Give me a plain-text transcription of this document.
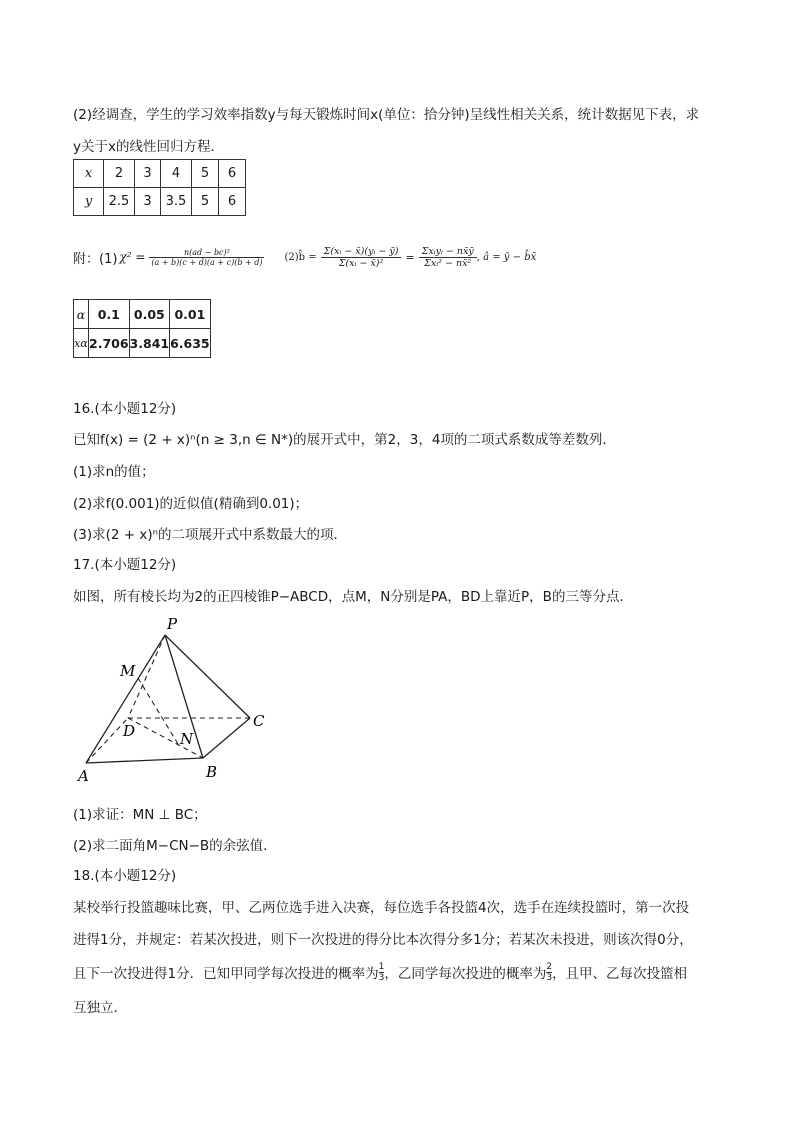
(2)经调查，学生的学习效率指数y与每天锻炼时间x(单位：拾分钟)呈线性相关关系，统计数据见下表，求
y关于x的线性回归方程．
x	2	3	4	5	6
y	2.5	3	3.5	5	6
附：(1) $\chi^2 = \frac{\text{n(ad − bc)²}}{(a + b)(c + d)(a + c)(b + d)}$ (2)b̂ = $\frac{\text{Σ(xᵢ − x̄)(yᵢ − ȳ)}}{\text{Σ(xᵢ − x̄)²}} = \frac{\text{Σxᵢyᵢ − nx̄ȳ}}{\text{Σxᵢ² − nx̄²}}$ , â = ȳ − b̂x̄
α	0.1	0.05	0.01
xα	2.706	3.841	6.635
16.(本小题12分)
已知f(x) = (2 + x)ⁿ(n ≥ 3,n ∈ N*)的展开式中，第2，3，4项的二项式系数成等差数列．
(1)求n的值；
(2)求f(0.001)的近似值(精确到0.01)；
(3)求(2 + x)ⁿ的二项展开式中系数最大的项．
17.(本小题12分)
如图，所有棱长均为2的正四棱锥P−ABCD，点M，N分别是PA，BD上靠近P，B的三等分点．
P
M
C
D	N
A	B
(1)求证：MN ⊥ BC；
(2)求二面角M−CN−B的余弦值．
18.(本小题12分)
某校举行投篮趣味比赛，甲、乙两位选手进入决赛，每位选手各投篮4次，选手在连续投篮时，第一次投
进得1分，并规定：若某次投进，则下一次投进的得分比本次得分多1分；若某次未投进，则该次得0分，
且下一次投进得1分．已知甲同学每次投进的概率为 $\frac{1}{3}$ ，乙同学每次投进的概率为 $\frac{2}{3}$ ，且甲、乙每次投篮相
互独立．
